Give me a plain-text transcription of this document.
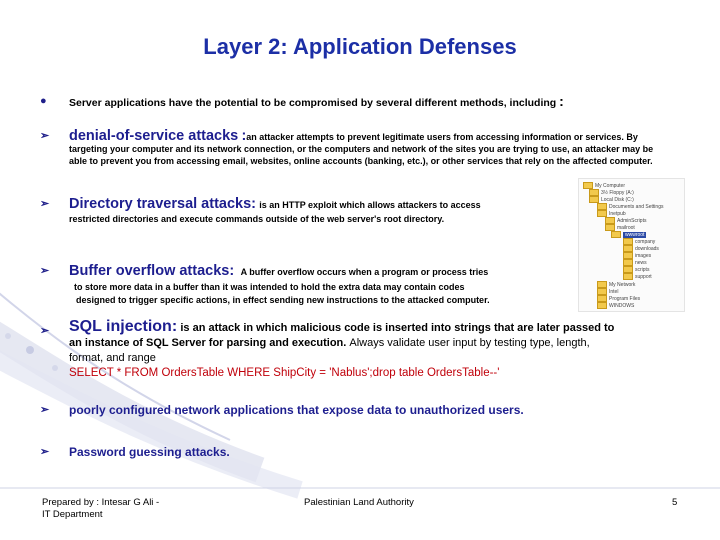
Layer 2: Application Defenses
● Server applications have the potential to be compromised by several different methods, including :
➢ denial-of-service attacks :an attacker attempts to prevent legitimate users from accessing information or services. By targeting your computer and its network connection, or the computers and network of the sites you are trying to use, an attacker may be able to prevent you from accessing email, websites, online accounts (banking, etc.), or other services that rely on the affected computer.
➢ Directory traversal attacks: is an HTTP exploit which allows attackers to access
restricted directories and execute commands outside of the web server's root directory.
➢ Buffer overflow attacks: A buffer overflow occurs when a program or process tries
to store more data in a buffer than it was intended to hold the extra data may contain codes
designed to trigger specific actions, in effect sending new instructions to the attacked computer.
➢ SQL injection: is an attack in which malicious code is inserted into strings that are later passed to
an instance of SQL Server for parsing and execution. Always validate user input by testing type, length,
format, and range
SELECT * FROM OrdersTable WHERE ShipCity = 'Nablus';drop table OrdersTable--'
➢ poorly configured network applications that expose data to unauthorized users.
➢ Password guessing attacks.
My Computer
3½ Floppy (A:)
Local Disk (C:)
Documents and Settings
Inetpub
AdminScripts
mailroot
wwwroot
company
downloads
images
news
scripts
support
My Network
Intel
Program Files
WINDOWS
Prepared by : Intesar G Ali -
IT Department
Palestinian Land Authority	5
